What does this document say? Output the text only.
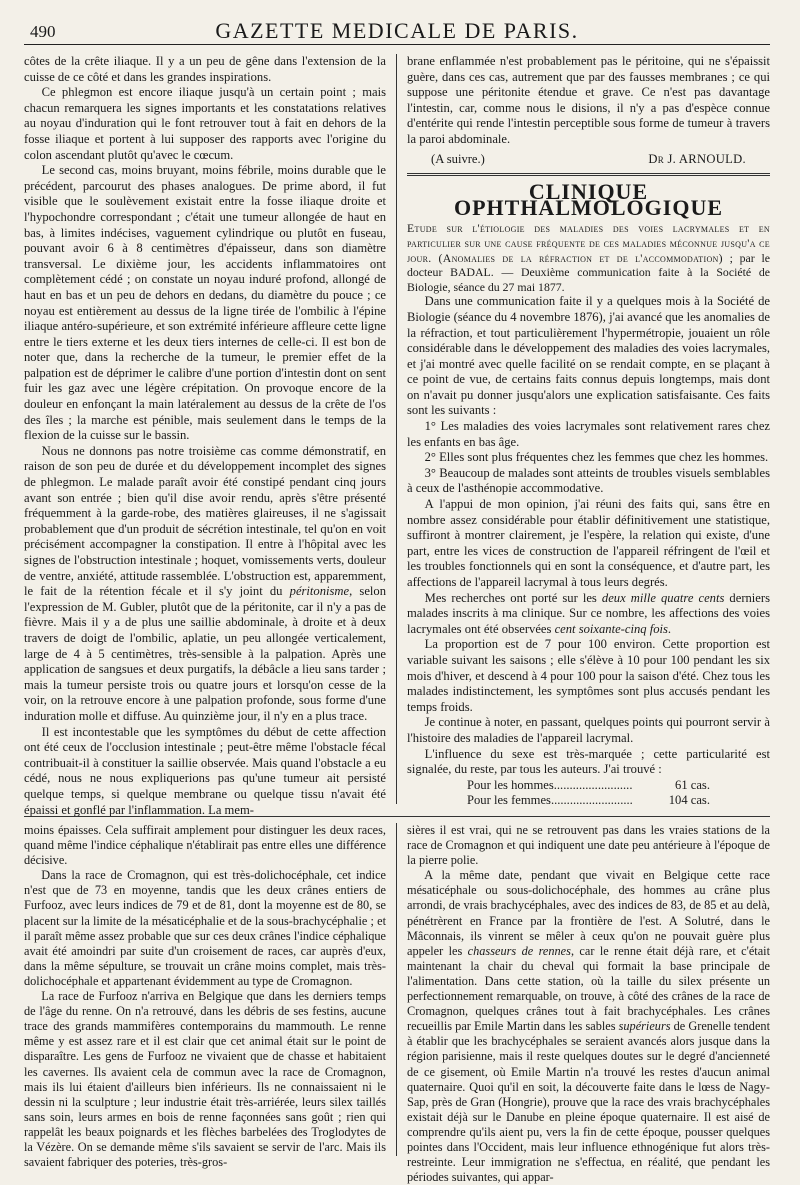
490	GAZETTE MEDICALE DE PARIS.

côtes de la crête iliaque. Il y a un peu de gêne dans l'extension de la cuisse de ce côté et dans les grandes inspirations.

Ce phlegmon est encore iliaque jusqu'à un certain point ; mais chacun remarquera les signes importants et les constatations relatives au noyau d'induration qui le font retrouver tout à fait en dehors de la fosse iliaque et portent à lui supposer des rapports avec l'origine du colon ascendant plutôt qu'avec le cœcum.

Le second cas, moins bruyant, moins fébrile, moins durable que le précédent, parcourut des phases analogues. De prime abord, il fut visible que le soulèvement existait entre la fosse iliaque droite et l'hypochondre correspondant ; c'était une tumeur allongée de haut en bas, à limites indécises, vaguement cylindrique ou plutôt en fuseau, pouvant avoir 6 à 8 centimètres d'épaisseur, dans son diamètre transversal. Le dixième jour, les accidents inflammatoires ont complètement cédé ; on constate un noyau induré profond, allongé de haut en bas et un peu de dehors en dedans, du diamètre du pouce ; ce noyau est entièrement au dessus de la ligne tirée de l'ombilic à l'épine iliaque antéro-supérieure, et son extrémité inférieure affleure cette ligne entre le tiers externe et les deux tiers internes de celle-ci. Il est bon de noter que, dans la recherche de la tumeur, le premier effet de la palpation est de déprimer le calibre d'une portion d'intestin dont on sent fuir les gaz avec une légère crépitation. On provoque encore de la douleur en enfonçant la main latéralement au dessus de la crête de l'os des îles ; la marche est pénible, mais seulement dans le temps de la flexion de la cuisse sur le bassin.

Nous ne donnons pas notre troisième cas comme démonstratif, en raison de son peu de durée et du développement incomplet des signes de phlegmon. Le malade paraît avoir été constipé pendant cinq jours avant son entrée ; bien qu'il dise avoir rendu, après s'être présenté fréquemment à la garde-robe, des matières glaireuses, il ne s'agissait probablement que d'un produit de sécrétion intestinale, tel qu'on en voit précisément accompagner la constipation. Il entre à l'hôpital avec les signes de l'obstruction intestinale ; hoquet, vomissements verts, douleur de ventre, anxiété, attitude rassemblée. L'obstruction est, apparemment, le fait de la rétention fécale et il s'y joint du péritonisme, selon l'expression de M. Gubler, plutôt que de la péritonite, car il n'y a pas de fièvre. Mais il y a de plus une saillie abdominale, à droite et à deux travers de doigt de l'ombilic, aplatie, un peu allongée verticalement, large de 4 à 5 centimètres, très-sensible à la palpation. Après une application de sangsues et deux purgatifs, la débâcle a lieu sans tarder ; mais la tumeur persiste trois ou quatre jours et lorsqu'on cesse de la voir, on la retrouve encore à une palpation profonde, sous forme d'une induration molle et diffuse. Au quinzième jour, il n'y en a plus trace.

Il est incontestable que les symptômes du début de cette affection ont été ceux de l'occlusion intestinale ; peut-être même l'obstacle fécal contribuait-il à constituer la saillie observée. Mais quand l'obstacle a eu cédé, nous ne nous expliquerions pas qu'une tumeur ait persisté quelque temps, si quelque membrane ou quelque tissu n'avait été épaissi et gonflé par l'inflammation. La mem-

brane enflammée n'est probablement pas le péritoine, qui ne s'épaissit guère, dans ces cas, autrement que par des fausses membranes ; ce qui suppose une péritonite étendue et grave. Ce n'est pas davantage l'intestin, car, comme nous le disions, il n'y a pas d'espèce connue d'entérite qui rende l'intestin perceptible sous forme de tumeur à travers la paroi abdominale.

(A suivre.)	Dr J. ARNOULD.
CLINIQUE OPHTHALMOLOGIQUE

Etude sur l'étiologie des maladies des voies lacrymales et en particulier sur une cause fréquente de ces maladies méconnue jusqu'a ce jour. (Anomalies de la réfraction et de l'accommodation) ; par le docteur BADAL. — Deuxième communication faite à la Société de Biologie, séance du 27 mai 1877.

Dans une communication faite il y a quelques mois à la Société de Biologie (séance du 4 novembre 1876), j'ai avancé que les anomalies de la réfraction, et tout particulièrement l'hypermétropie, jouaient un rôle considérable dans le développement des maladies des voies lacrymales, et j'ai montré avec quelle facilité on se rendait compte, en se plaçant à ce point de vue, de certains faits connus depuis longtemps, mais dont on n'avait pu donner jusqu'alors une explication satisfaisante. Ces faits sont les suivants :

1° Les maladies des voies lacrymales sont relativement rares chez les enfants en bas âge.

2° Elles sont plus fréquentes chez les femmes que chez les hommes.

3° Beaucoup de malades sont atteints de troubles visuels semblables à ceux de l'asthénopie accommodative.

A l'appui de mon opinion, j'ai réuni des faits qui, sans être en nombre assez considérable pour établir définitivement une statistique, suffiront à montrer clairement, je l'espère, la relation qui existe, d'une part, entre les vices de construction de l'appareil réfringent de l'œil et les troubles fonctionnels qui en sont la conséquence, et d'autre part, les affections de l'appareil lacrymal à tous leurs degrés.

Mes recherches ont porté sur les deux mille quatre cents derniers malades inscrits à ma clinique. Sur ce nombre, les affections des voies lacrymales ont été observées cent soixante-cinq fois.

La proportion est de 7 pour 100 environ. Cette proportion est variable suivant les saisons ; elle s'élève à 10 pour 100 pendant les six mois d'hiver, et descend à 4 pour 100 pour la saison d'été. Chez tous les malades indistinctement, les symptômes sont plus accusés pendant les temps froids.

Je continue à noter, en passant, quelques points qui pourront servir à l'histoire des maladies de l'appareil lacrymal.

L'influence du sexe est très-marquée ; cette particularité est signalée, du reste, par tous les auteurs. J'ai trouvé :

Pour les hommes.........................	61 cas.
Pour les femmes..........................	104 cas.

moins épaisses. Cela suffirait amplement pour distinguer les deux races, quand même l'indice céphalique n'établirait pas entre elles une différence décisive.

Dans la race de Cromagnon, qui est très-dolichocéphale, cet indice n'est que de 73 en moyenne, tandis que les deux crânes entiers de Furfooz, avec leurs indices de 79 et de 81, dont la moyenne est de 80, se placent sur la limite de la mésaticéphalie et de la sous-brachycéphalie ; et il paraît même assez probable que sur ces deux crânes l'indice céphalique avait été amoindri par suite d'un croisement de races, car auprès d'eux, dans la même sépulture, se trouvait un crâne moins complet, mais très-dolichocéphale et appartenant évidemment au type de Cromagnon.

La race de Furfooz n'arriva en Belgique que dans les derniers temps de l'âge du renne. On n'a retrouvé, dans les débris de ses festins, aucune trace des grands mammifères contemporains du mammouth. Le renne même y est assez rare et il est clair que cet animal était sur le point de disparaître. Les gens de Furfooz ne vivaient que de chasse et habitaient les cavernes. Ils avaient cela de commun avec la race de Cromagnon, mais ils lui étaient d'ailleurs bien inférieurs. Ils ne connaissaient ni le dessin ni la sculpture ; leur industrie était très-arriérée, leurs silex taillés sans soin, leurs armes en bois de renne façonnées sans goût ; rien qui rappelât les beaux poignards et les flèches barbelées des Troglodytes de la Vézère. On se demande même s'ils savaient se servir de l'arc. Mais ils savaient fabriquer des poteries, très-gros-

sières il est vrai, qui ne se retrouvent pas dans les vraies stations de la race de Cromagnon et qui indiquent une date peu antérieure à l'époque de la pierre polie.

A la même date, pendant que vivait en Belgique cette race mésaticéphale ou sous-dolichocéphale, des hommes au crâne plus arrondi, de vrais brachycéphales, avec des indices de 83, de 85 et au delà, pénétrèrent en France par la frontière de l'est. A Solutré, dans le Mâconnais, ils vinrent se mêler à ceux qu'on ne pouvait guère plus appeler les chasseurs de rennes, car le renne était déjà rare, et c'était maintenant la chair du cheval qui formait la base principale de l'alimentation. Dans cette station, où la taille du silex présente un perfectionnement remarquable, on trouve, à côté des crânes de la race de Cromagnon, quelques crânes tout à fait brachycéphales. Les crânes recueillis par Emile Martin dans les sables supérieurs de Grenelle tendent à établir que les brachycéphales se seraient avancés alors jusque dans la région parisienne, mais il reste quelques doutes sur le degré d'ancienneté de ce gisement, où Emile Martin n'a trouvé les restes d'aucun animal quaternaire. Quoi qu'il en soit, la découverte faite dans le lœss de Nagy-Sap, près de Gran (Hongrie), prouve que la race des vrais brachycéphales existait déjà sur le Danube en pleine époque quaternaire. Il est aisé de comprendre qu'ils aient pu, vers la fin de cette époque, pousser quelques pointes dans l'Occident, mais leur influence ethnogénique fut alors très-restreinte. Leur immigration ne s'effectua, en réalité, que pendant les périodes suivantes, qui appar-
